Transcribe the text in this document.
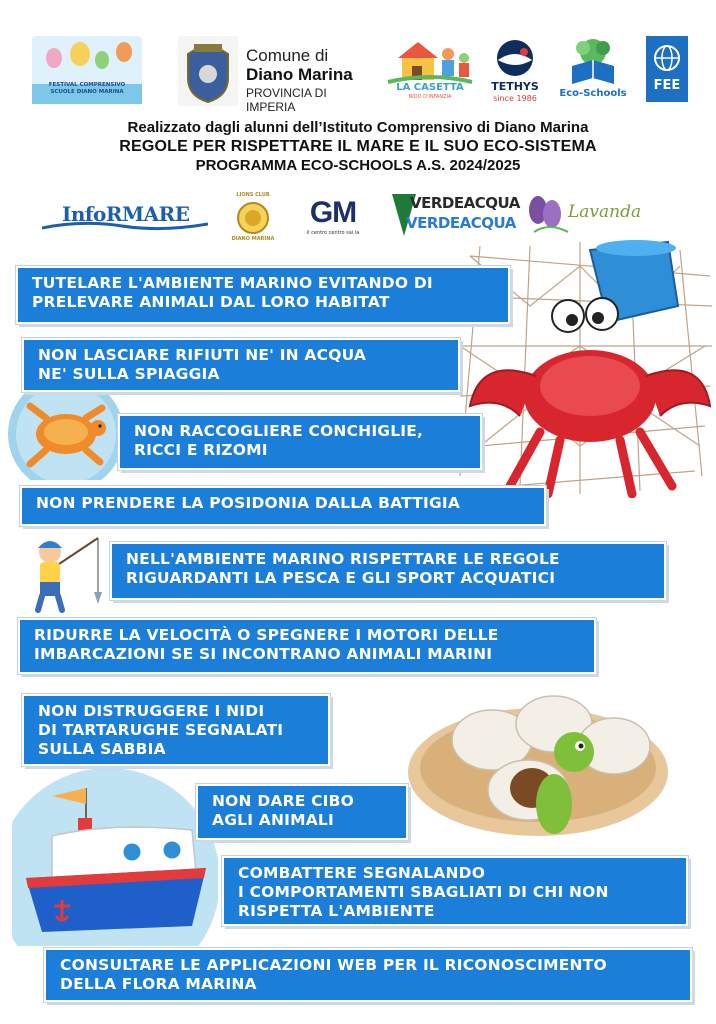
FESTIVAL COMPRENSIVO SCUOLE DIANO MARINA
Comune di
Diano Marina
PROVINCIA DI IMPERIA
LA CASETTA
NIDO D'INFANZIA
TETHYS
since 1986	Eco-Schools
FEE
Realizzato dagli alunni dell’Istituto Comprensivo di Diano Marina
REGOLE PER RISPETTARE IL MARE E IL SUO ECO-SISTEMA
PROGRAMMA ECO-SCHOOLS A.S. 2024/2025
InfoRMARE
LIONS CLUB
DIANO MARINA
GM
il centro centro sai la
VERDEACQUA
VERDEACQUA
Lavanda
TUTELARE L'AMBIENTE MARINO EVITANDO DI
PRELEVARE ANIMALI DAL LORO HABITAT
NON LASCIARE RIFIUTI NE' IN ACQUA
NE' SULLA SPIAGGIA
NON RACCOGLIERE CONCHIGLIE,
RICCI E RIZOMI
NON PRENDERE LA POSIDONIA DALLA BATTIGIA
NELL'AMBIENTE MARINO RISPETTARE LE REGOLE
RIGUARDANTI LA PESCA E GLI SPORT ACQUATICI
RIDURRE LA VELOCITÀ O SPEGNERE I MOTORI DELLE
IMBARCAZIONI SE SI INCONTRANO ANIMALI MARINI
NON DISTRUGGERE I NIDI
DI TARTARUGHE SEGNALATI
SULLA SABBIA
NON DARE CIBO
AGLI ANIMALI
COMBATTERE SEGNALANDO
I COMPORTAMENTI SBAGLIATI DI CHI NON
RISPETTA L'AMBIENTE
CONSULTARE LE APPLICAZIONI WEB PER IL RICONOSCIMENTO
DELLA FLORA MARINA
